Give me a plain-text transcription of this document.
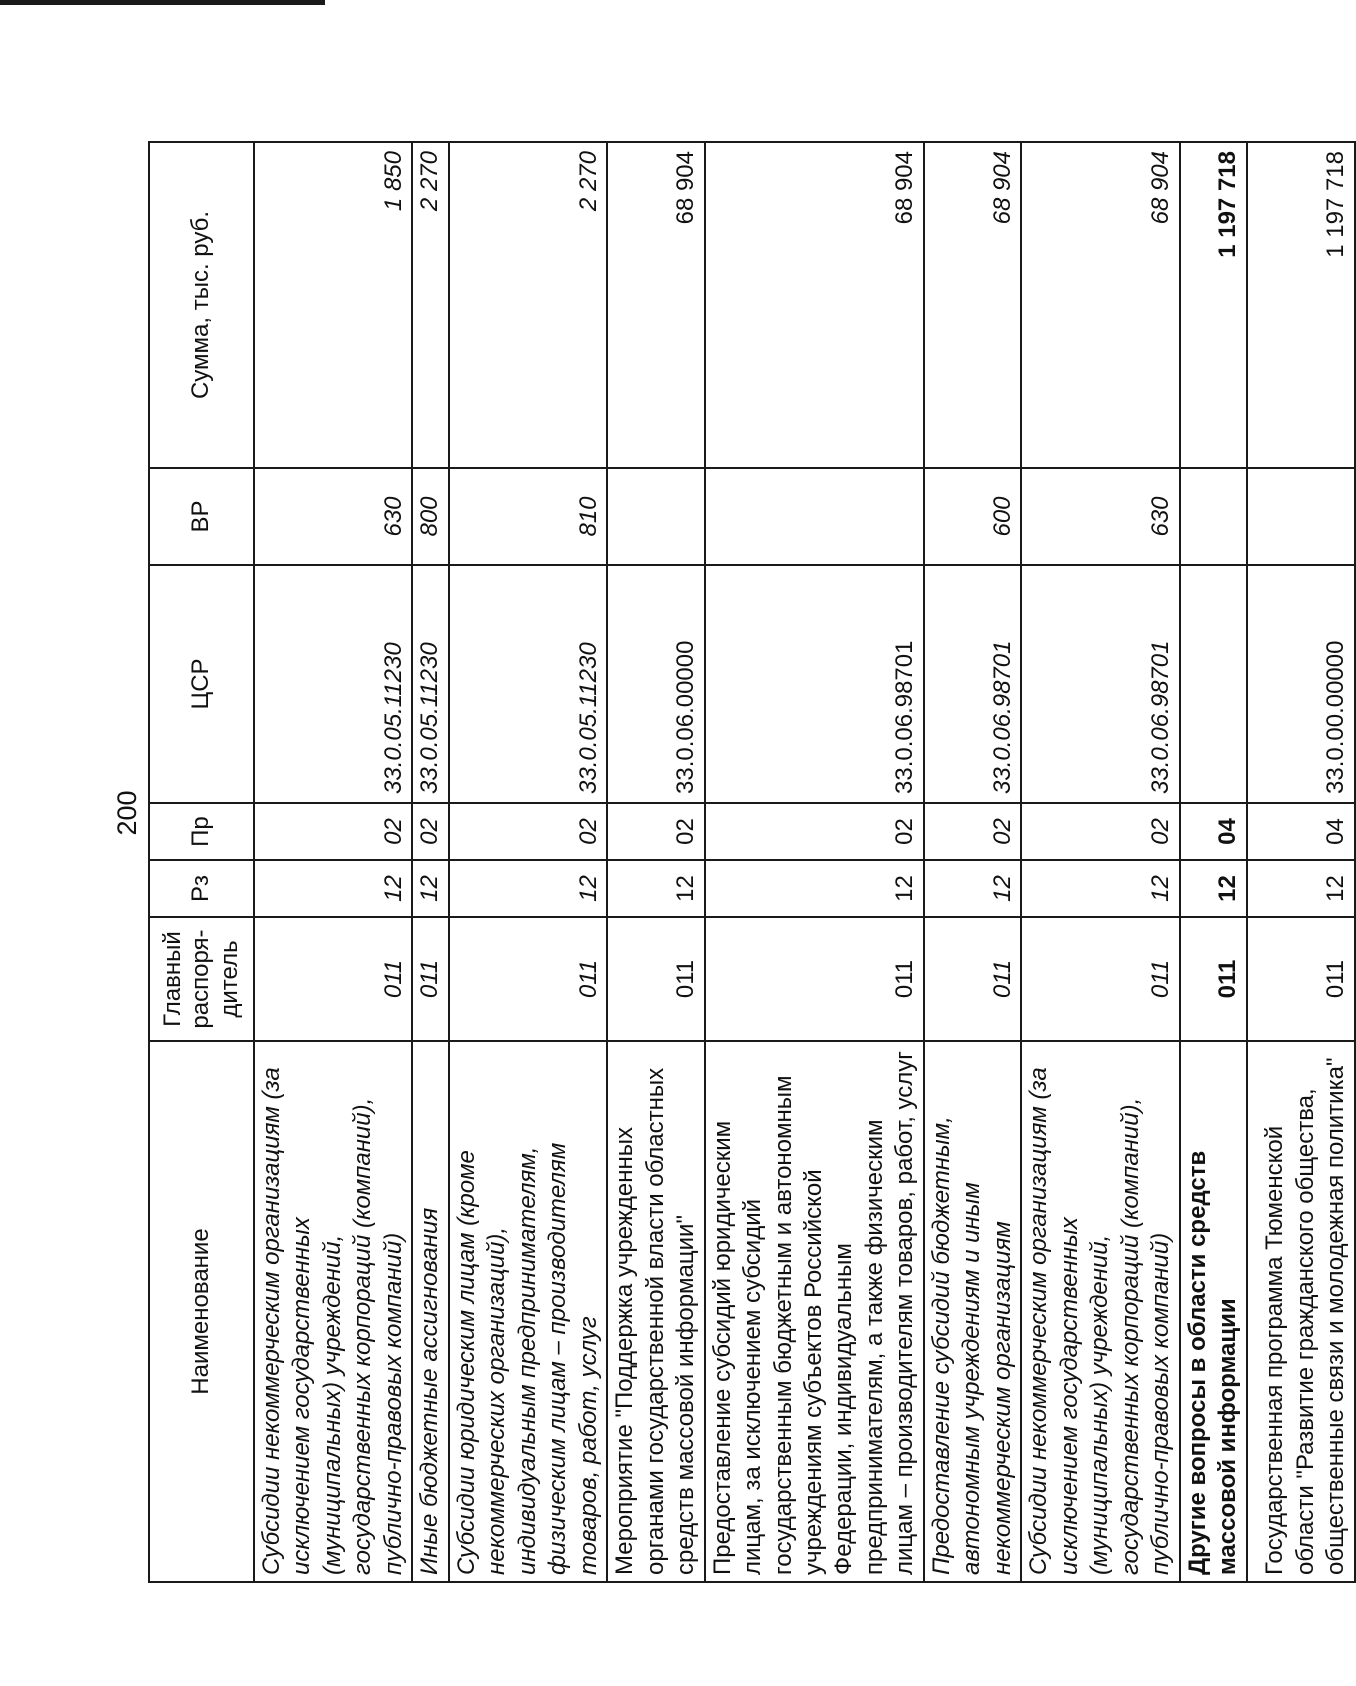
200
Наименование	Главный распоря-дитель	Рз	Пр	ЦСР	ВР	Сумма, тыс. руб.
Субсидии некоммерческим организациям (за исключением государственных (муниципальных) учреждений, государственных корпораций (компаний), публично-правовых компаний)	011	12	02	33.0.05.11230	630	1 850
Иные бюджетные ассигнования	011	12	02	33.0.05.11230	800	2 270
Субсидии юридическим лицам (кроме некоммерческих организаций), индивидуальным предпринимателям, физическим лицам – производителям товаров, работ, услуг	011	12	02	33.0.05.11230	810	2 270
Мероприятие "Поддержка учрежденных органами государственной власти областных средств массовой информации"	011	12	02	33.0.06.00000		68 904
Предоставление субсидий юридическим лицам, за исключением субсидий государственным бюджетным и автономным учреждениям субъектов Российской Федерации, индивидуальным предпринимателям, а также физическим лицам – производителям товаров, работ, услуг	011	12	02	33.0.06.98701		68 904
Предоставление субсидий бюджетным, автономным учреждениям и иным некоммерческим организациям	011	12	02	33.0.06.98701	600	68 904
Субсидии некоммерческим организациям (за исключением государственных (муниципальных) учреждений, государственных корпораций (компаний), публично-правовых компаний)	011	12	02	33.0.06.98701	630	68 904
Другие вопросы в области средств массовой информации	011	12	04			1 197 718
Государственная программа Тюменской области "Развитие гражданского общества, общественные связи и молодежная политика"	011	12	04	33.0.00.00000		1 197 718
